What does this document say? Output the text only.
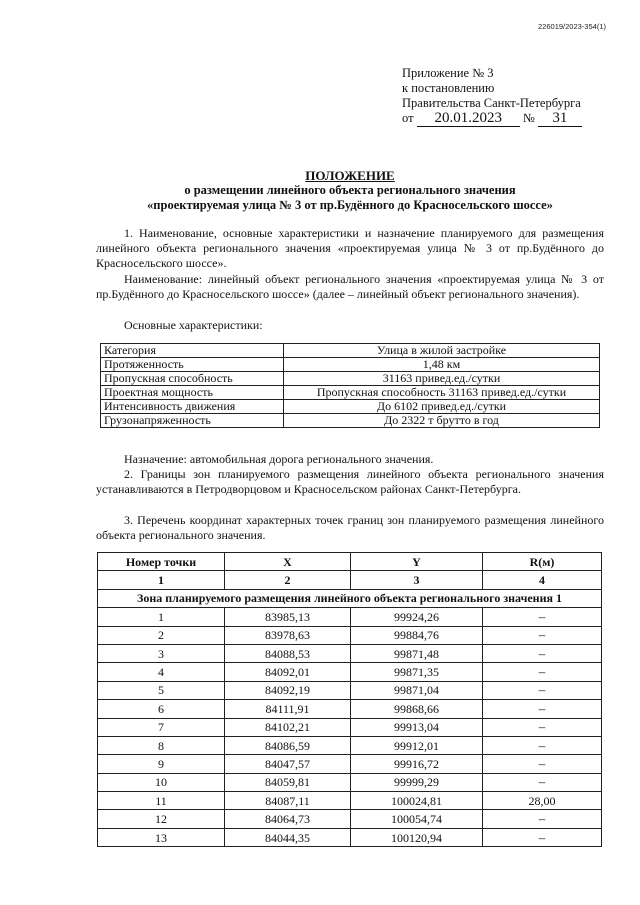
226019/2023-354(1)
Приложение № 3
к постановлению
Правительства Санкт-Петербурга
от 20.01.2023 № 31
ПОЛОЖЕНИЕ
о размещении линейного объекта регионального значения
«проектируемая улица № 3 от пр.Будённого до Красносельского шоссе»
1. Наименование, основные характеристики и назначение планируемого для размещения линейного объекта регионального значения «проектируемая улица № 3 от пр.Будённого до Красносельского шоссе».
Наименование: линейный объект регионального значения «проектируемая улица № 3 от пр.Будённого до Красносельского шоссе» (далее – линейный объект регионального значения).
Основные характеристики:
Категория	Улица в жилой застройке
Протяженность	1,48 км
Пропускная способность	31163 привед.ед./сутки
Проектная мощность	Пропускная способность 31163 привед.ед./сутки
Интенсивность движения	До 6102 привед.ед./сутки
Грузонапряженность	До 2322 т брутто в год
Назначение: автомобильная дорога регионального значения.
2. Границы зон планируемого размещения линейного объекта регионального значения устанавливаются в Петродворцовом и Красносельском районах Санкт-Петербурга.
3. Перечень координат характерных точек границ зон планируемого размещения линейного объекта регионального значения.
Номер точки	X	Y	R(м)
1	2	3	4
Зона планируемого размещения линейного объекта регионального значения 1			
1	83985,13	99924,26	–
2	83978,63	99884,76	–
3	84088,53	99871,48	–
4	84092,01	99871,35	–
5	84092,19	99871,04	–
6	84111,91	99868,66	–
7	84102,21	99913,04	–
8	84086,59	99912,01	–
9	84047,57	99916,72	–
10	84059,81	99999,29	–
11	84087,11	100024,81	28,00
12	84064,73	100054,74	–
13	84044,35	100120,94	–
